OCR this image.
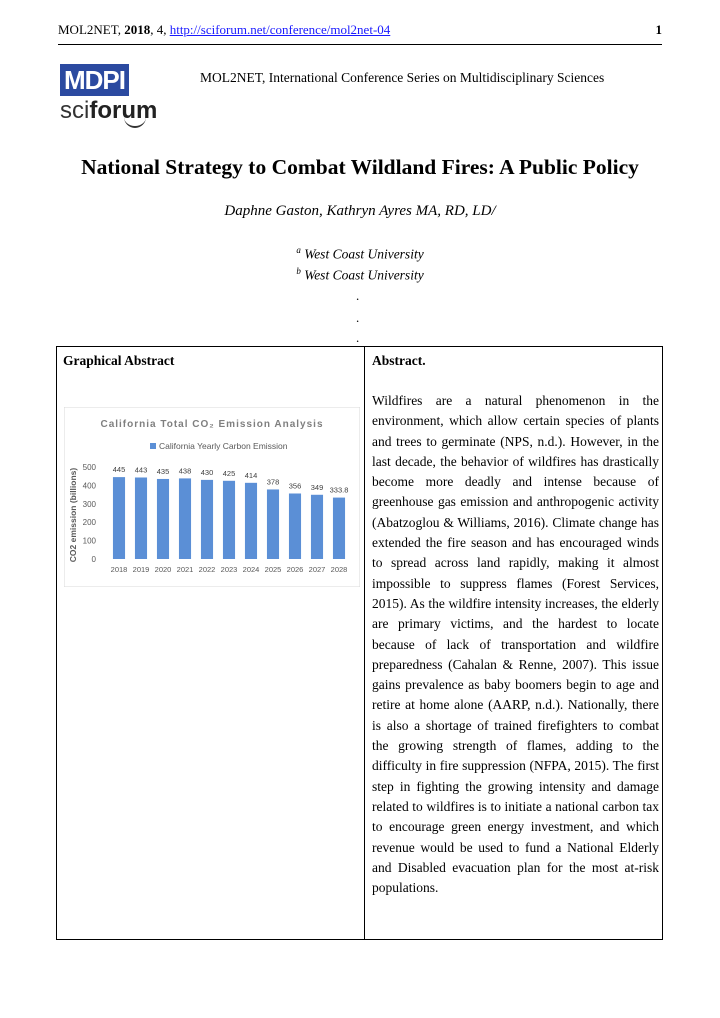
MOL2NET, 2018, 4, http://sciforum.net/conference/mol2net-04	1
MDPI
sciforum
MOL2NET, International Conference Series on Multidisciplinary Sciences
National Strategy to Combat Wildland Fires: A Public Policy
Daphne Gaston, Kathryn Ayres MA, RD, LD/
$^a$ West Coast University
$^b$ West Coast University
.
.
.
Graphical Abstract	Abstract.
California Total CO₂ Emission Analysis
California Yearly Carbon Emission
CO2 emission (billions) 0
100
200
300
400
500 445 443 435 438 430 425 414
378 356 349 333.8
2018 2019 2020 2021 2022 2023 2024 2025 2026 2027 2028
Wildfires are a natural phenomenon in the environment, which allow certain species of plants and trees to germinate (NPS, n.d.). However, in the last decade, the behavior of wildfires has drastically become more deadly and intense because of greenhouse gas emission and anthropogenic activity (Abatzoglou & Williams, 2016). Climate change has extended the fire season and has encouraged winds to spread across land rapidly, making it almost impossible to suppress flames (Forest Services, 2015). As the wildfire intensity increases, the elderly are primary victims, and the hardest to locate because of lack of transportation and wildfire preparedness (Cahalan & Renne, 2007). This issue gains prevalence as baby boomers begin to age and retire at home alone (AARP, n.d.). Nationally, there is also a shortage of trained firefighters to combat the growing strength of flames, adding to the difficulty in fire suppression (NFPA, 2015). The first step in fighting the growing intensity and damage related to wildfires is to initiate a national carbon tax to encourage green energy investment, and which revenue would be used to fund a National Elderly and Disabled evacuation plan for the most at-risk populations.
